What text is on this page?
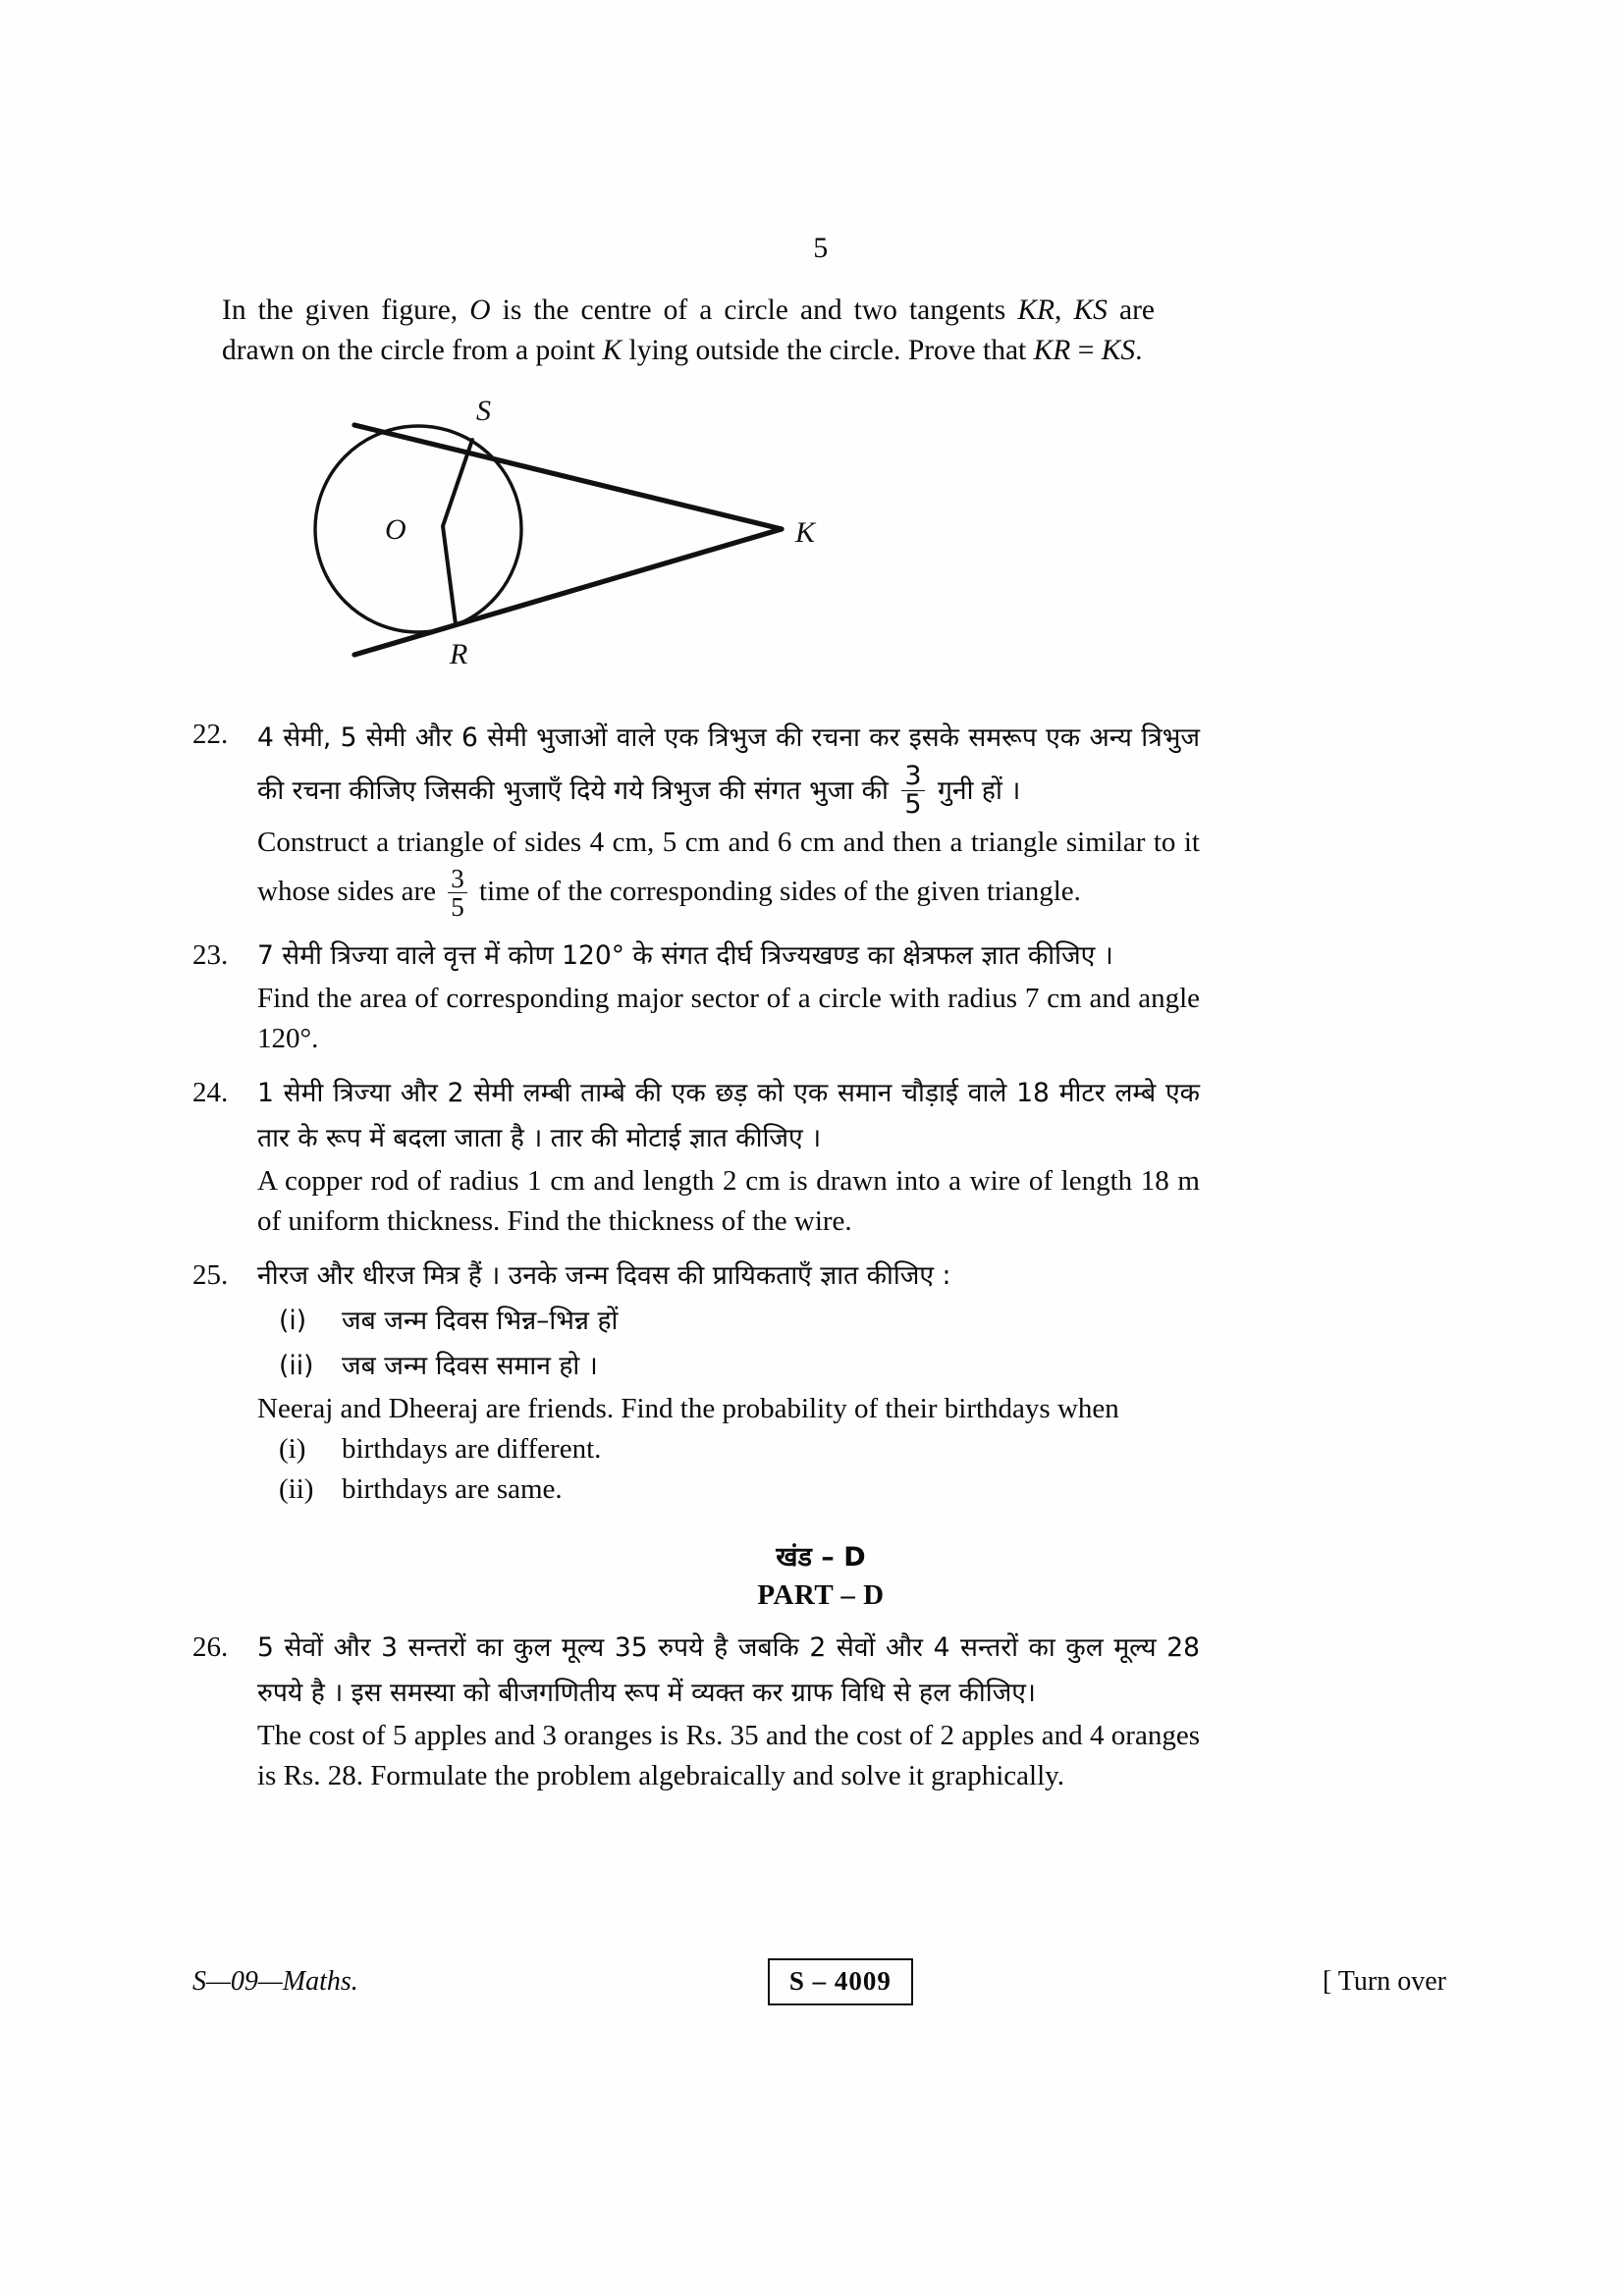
5
In the given figure, O is the centre of a circle and two tangents KR, KS are drawn on the circle from a point K lying outside the circle. Prove that KR = KS.
S
O
R
K
22.	4 सेमी, 5 सेमी और 6 सेमी भुजाओं वाले एक त्रिभुज की रचना कर इसके समरूप एक अन्य त्रिभुज की रचना कीजिए जिसकी भुजाएँ दिये गये त्रिभुज की संगत भुजा की $\frac{3}{5}$ गुनी हों ।
Construct a triangle of sides 4 cm, 5 cm and 6 cm and then a triangle similar to it whose sides are $\frac{3}{5}$ time of the corresponding sides of the given triangle.
23.	7 सेमी त्रिज्या वाले वृत्त में कोण 120° के संगत दीर्घ त्रिज्यखण्ड का क्षेत्रफल ज्ञात कीजिए ।
Find the area of corresponding major sector of a circle with radius 7 cm and angle 120°.
24.	1 सेमी त्रिज्या और 2 सेमी लम्बी ताम्बे की एक छड़ को एक समान चौड़ाई वाले 18 मीटर लम्बे एक तार के रूप में बदला जाता है । तार की मोटाई ज्ञात कीजिए ।
A copper rod of radius 1 cm and length 2 cm is drawn into a wire of length 18 m of uniform thickness. Find the thickness of the wire.
25.	नीरज और धीरज मित्र हैं । उनके जन्म दिवस की प्रायिकताएँ ज्ञात कीजिए :
(i)	जब जन्म दिवस भिन्न–भिन्न हों
(ii)	जब जन्म दिवस समान हो ।
Neeraj and Dheeraj are friends. Find the probability of their birthdays when
(i)	birthdays are different.
(ii) birthdays are same.
खंड – D
PART – D
26.	5 सेवों और 3 सन्तरों का कुल मूल्य 35 रुपये है जबकि 2 सेवों और 4 सन्तरों का कुल मूल्य 28 रुपये है । इस समस्या को बीजगणितीय रूप में व्यक्त कर ग्राफ विधि से हल कीजिए।
The cost of 5 apples and 3 oranges is Rs. 35 and the cost of 2 apples and 4 oranges is Rs. 28. Formulate the problem algebraically and solve it graphically.
S—09—Maths.	S – 4009	[ Turn over
